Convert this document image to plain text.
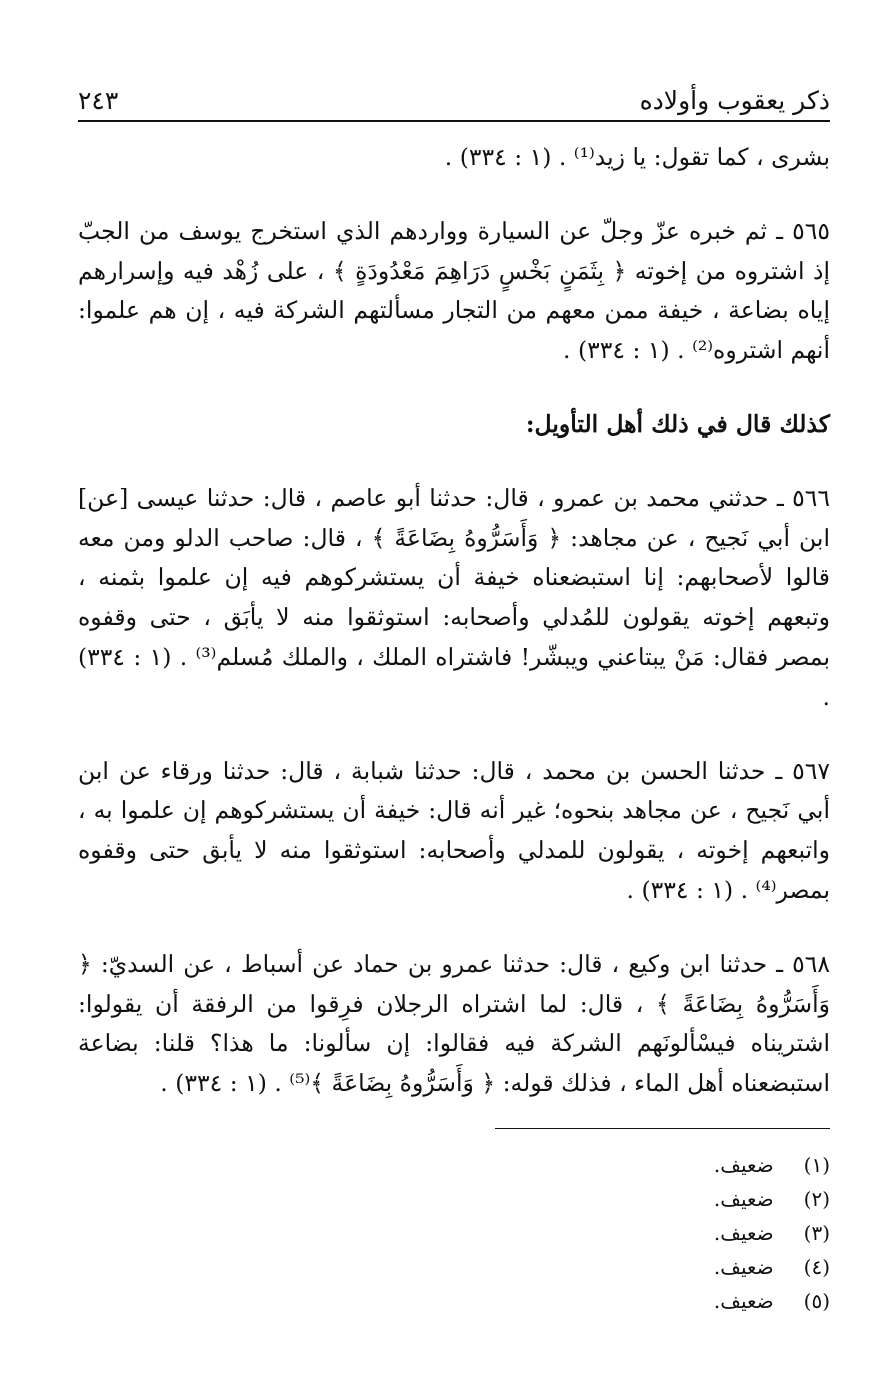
ذكر يعقوب وأولاده
٢٤٣

بشرى ، كما تقول: يا زيد⁽¹⁾ . (١ : ٣٣٤) .

٥٦٥ ـ ثم خبره عزّ وجلّ عن السيارة وواردهم الذي استخرج يوسف من الجبّ إذ اشتروه من إخوته ﴿ بِثَمَنٍ بَخْسٍ دَرَاهِمَ مَعْدُودَةٍ ﴾ ، على زُهْد فيه وإسرارهم إياه بضاعة ، خيفة ممن معهم من التجار مسألتهم الشركة فيه ، إن هم علموا: أنهم اشتروه⁽²⁾ . (١ : ٣٣٤) .

كذلك قال في ذلك أهل التأويل:

٥٦٦ ـ حدثني محمد بن عمرو ، قال: حدثنا أبو عاصم ، قال: حدثنا عيسى [عن] ابن أبي نَجيح ، عن مجاهد: ﴿ وَأَسَرُّوهُ بِضَاعَةً ﴾ ، قال: صاحب الدلو ومن معه قالوا لأصحابهم: إنا استبضعناه خيفة أن يستشركوهم فيه إن علموا بثمنه ، وتبعهم إخوته يقولون للمُدلي وأصحابه: استوثقوا منه لا يأبَق ، حتى وقفوه بمصر فقال: مَنْ يبتاعني ويبشّر! فاشتراه الملك ، والملك مُسلم⁽³⁾ . (١ : ٣٣٤) .

٥٦٧ ـ حدثنا الحسن بن محمد ، قال: حدثنا شبابة ، قال: حدثنا ورقاء عن ابن أبي نَجيح ، عن مجاهد بنحوه؛ غير أنه قال: خيفة أن يستشركوهم إن علموا به ، واتبعهم إخوته ، يقولون للمدلي وأصحابه: استوثقوا منه لا يأبق حتى وقفوه بمصر⁽⁴⁾ . (١ : ٣٣٤) .

٥٦٨ ـ حدثنا ابن وكيع ، قال: حدثنا عمرو بن حماد عن أسباط ، عن السديّ: ﴿ وَأَسَرُّوهُ بِضَاعَةً ﴾ ، قال: لما اشتراه الرجلان فرِقوا من الرفقة أن يقولوا: اشتريناه فيسْألونَهم الشركة فيه فقالوا: إن سألونا: ما هذا؟ قلنا: بضاعة استبضعناه أهل الماء ، فذلك قوله: ﴿ وَأَسَرُّوهُ بِضَاعَةً ﴾⁽⁵⁾ . (١ : ٣٣٤) .

(١) ضعيف.
(٢) ضعيف.
(٣) ضعيف.
(٤) ضعيف.
(٥) ضعيف.
